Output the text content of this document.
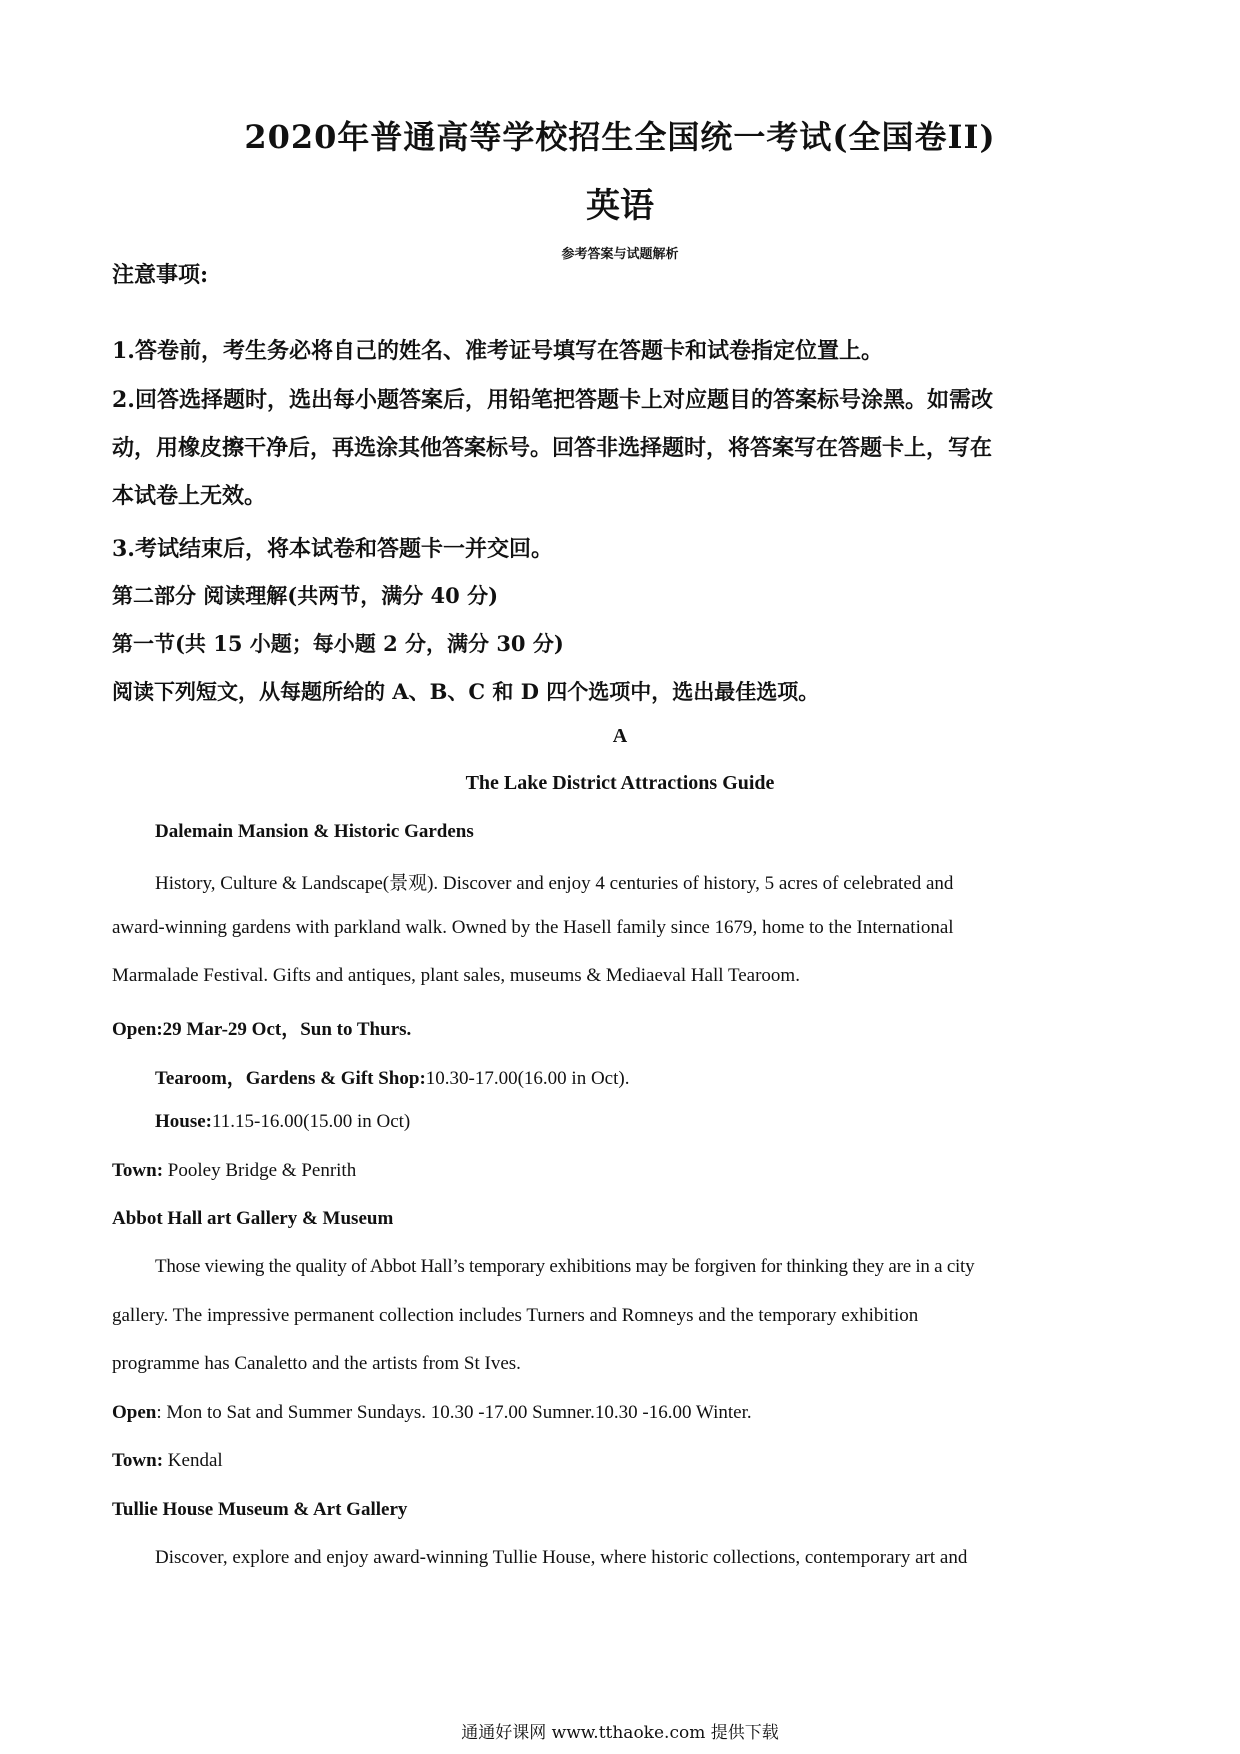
2020年普通高等学校招生全国统一考试(全国卷II)
英语
参考答案与试题解析
注意事项:
1.答卷前，考生务必将自己的姓名、准考证号填写在答题卡和试卷指定位置上。
2.回答选择题时，选出每小题答案后，用铅笔把答题卡上对应题目的答案标号涂黑。如需改
动，用橡皮擦干净后，再选涂其他答案标号。回答非选择题时，将答案写在答题卡上，写在
本试卷上无效。
3.考试结束后，将本试卷和答题卡一并交回。
第二部分 阅读理解(共两节，满分 40 分)
第一节(共 15 小题；每小题 2 分，满分 30 分)
阅读下列短文，从每题所给的 A、B、C 和 D 四个选项中，选出最佳选项。
A
The Lake District Attractions Guide
Dalemain Mansion & Historic Gardens
History, Culture & Landscape(景观). Discover and enjoy 4 centuries of history, 5 acres of celebrated and
award-winning gardens with parkland walk. Owned by the Hasell family since 1679, home to the International
Marmalade Festival. Gifts and antiques, plant sales, museums & Mediaeval Hall Tearoom.
Open:29 Mar-29 Oct，Sun to Thurs.
Tearoom，Gardens & Gift Shop:10.30-17.00(16.00 in Oct).
House:11.15-16.00(15.00 in Oct)
Town: Pooley Bridge & Penrith
Abbot Hall art Gallery & Museum
Those viewing the quality of Abbot Hall’s temporary exhibitions may be forgiven for thinking they are in a city
gallery. The impressive permanent collection includes Turners and Romneys and the temporary exhibition
programme has Canaletto and the artists from St Ives.
Open: Mon to Sat and Summer Sundays. 10.30 -17.00 Sumner.10.30 -16.00 Winter.
Town: Kendal
Tullie House Museum & Art Gallery
Discover, explore and enjoy award-winning Tullie House, where historic collections, contemporary art and
通通好课网 www.tthaoke.com 提供下载
